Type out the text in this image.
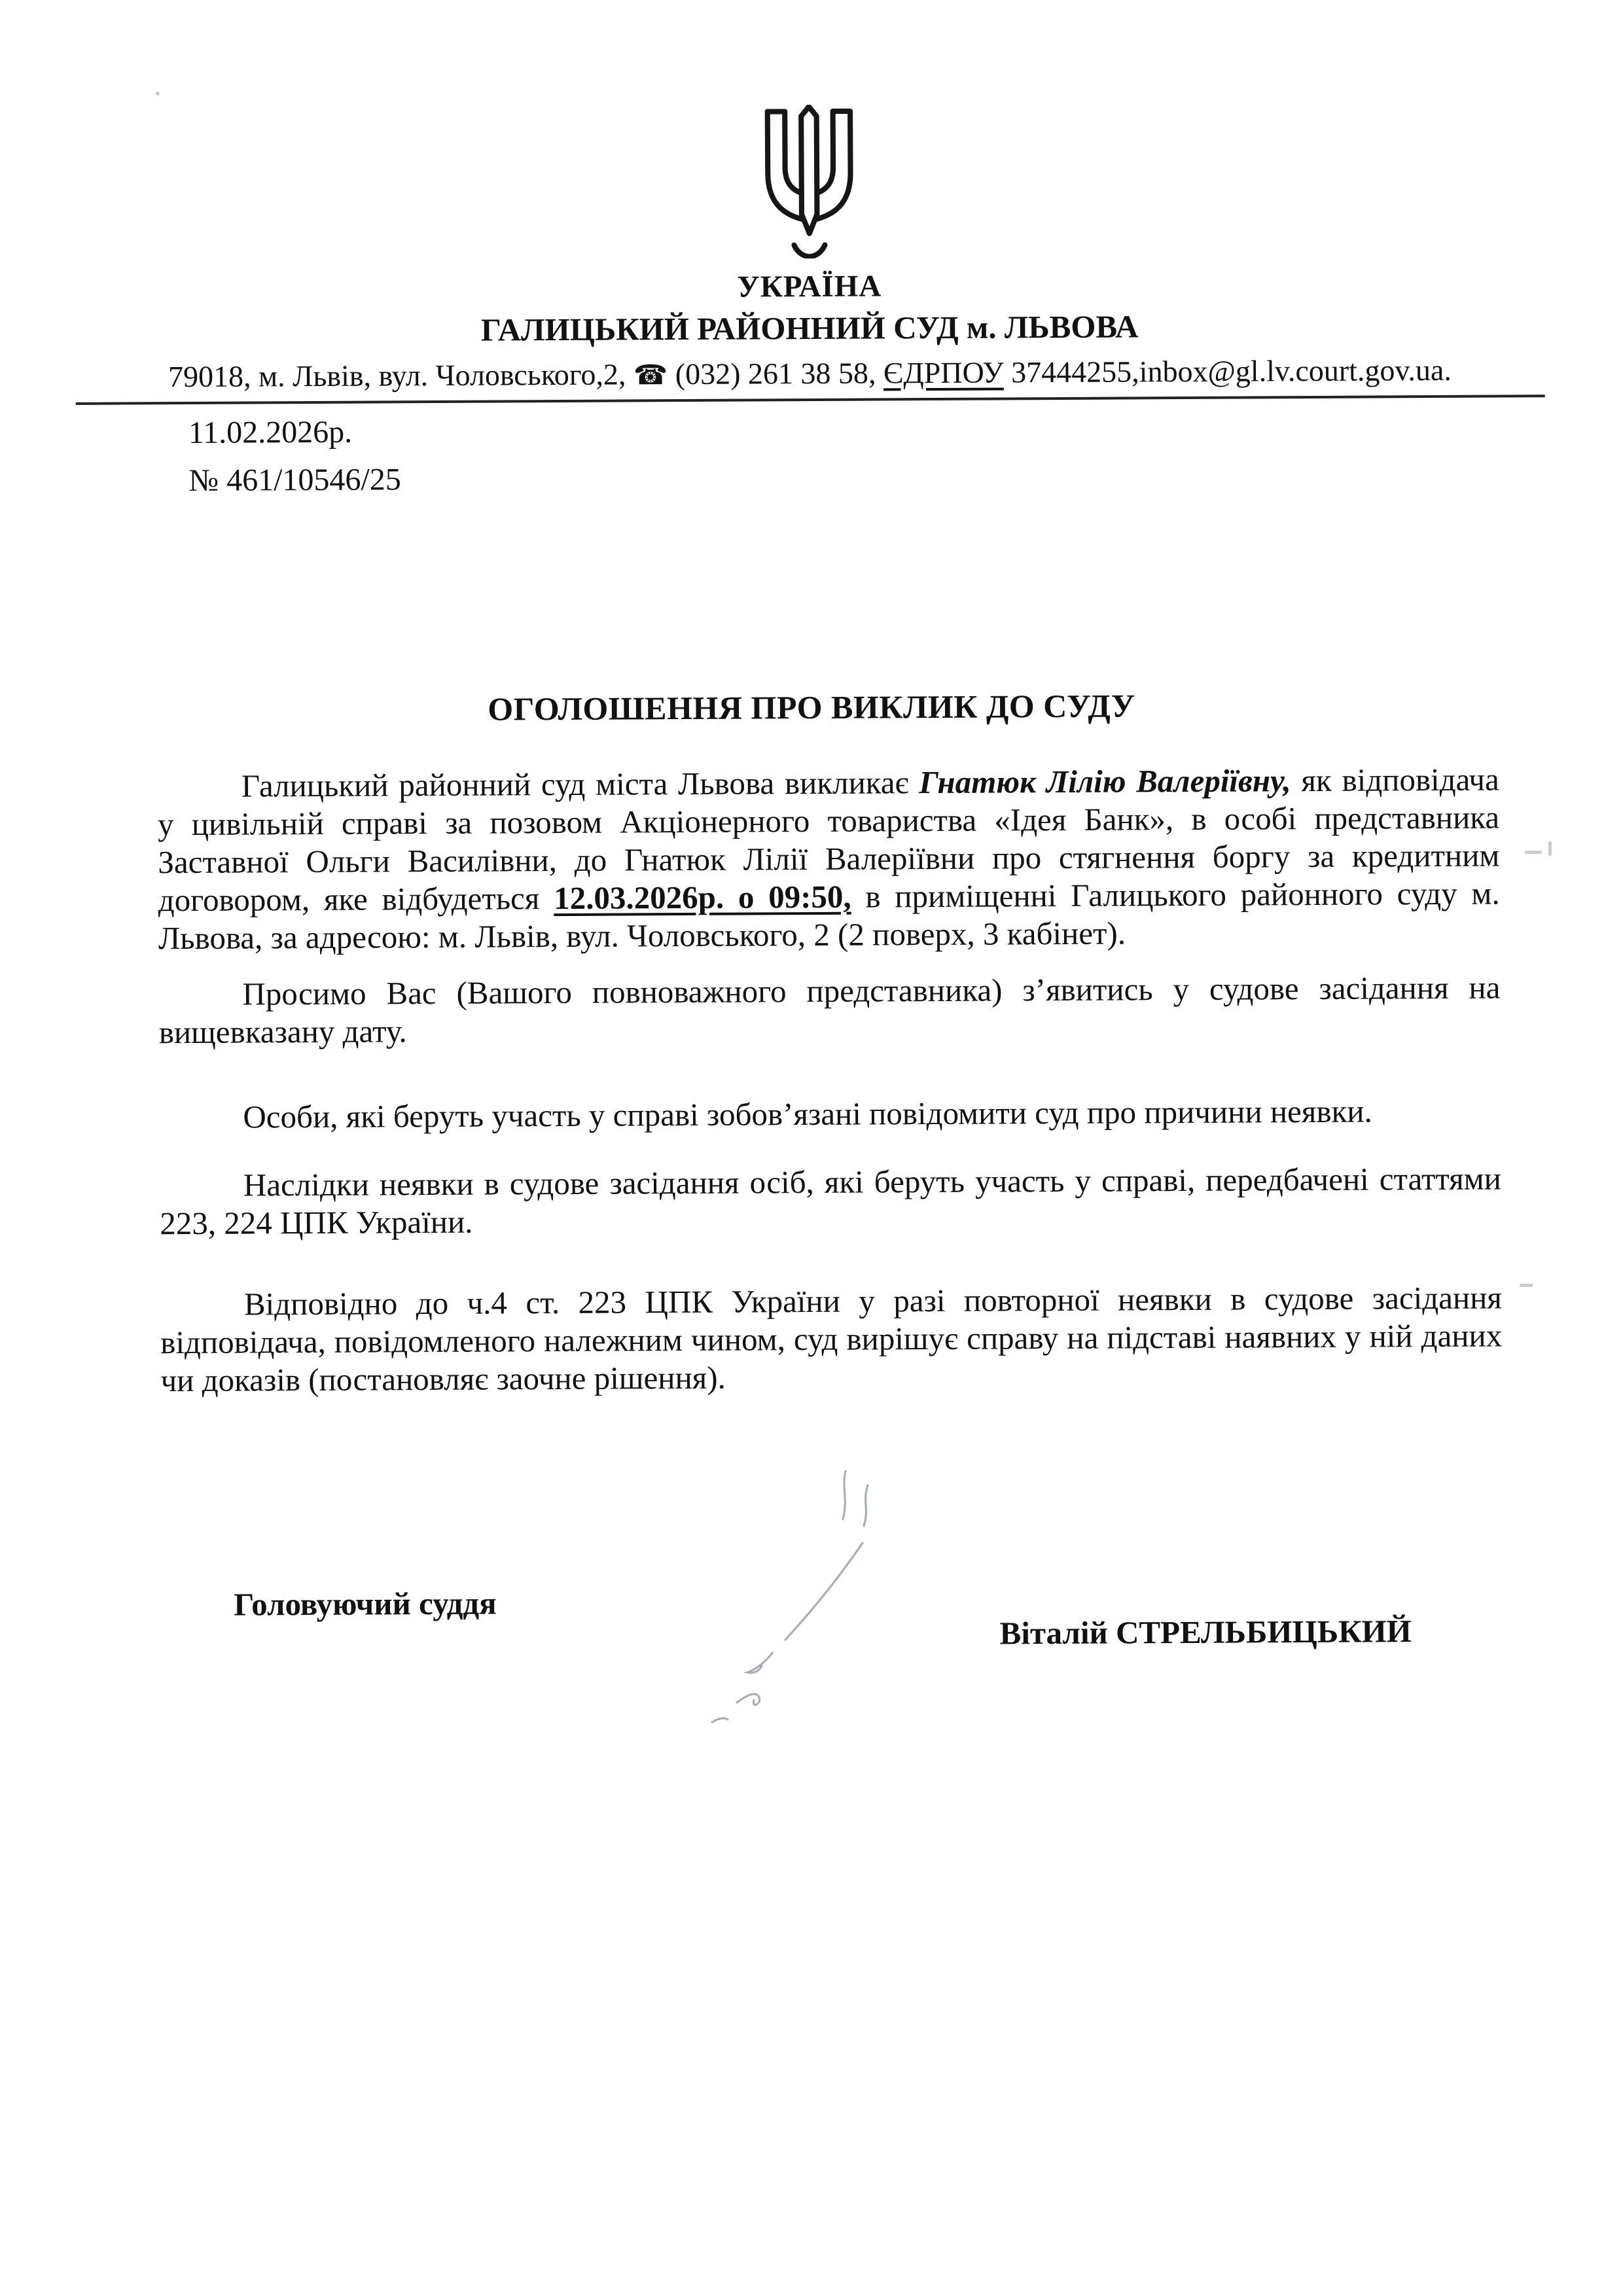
УКРАЇНА
ГАЛИЦЬКИЙ РАЙОННИЙ СУД м. ЛЬВОВА
79018, м. Львів, вул. Чоловського,2, ☎ (032) 261 38 58, ЄДРПОУ 37444255,inbox@gl.lv.court.gov.ua.
11.02.2026р.
№ 461/10546/25
ОГОЛОШЕННЯ ПРО ВИКЛИК ДО СУДУ

Галицький районний суд міста Львова викликає Гнатюк Лілію Валеріївну, як відповідача у цивільній справі за позовом Акціонерного товариства «Ідея Банк», в особі представника Заставної Ольги Василівни, до Гнатюк Лілії Валеріївни про стягнення боргу за кредитним договором, яке відбудеться 12.03.2026р. о 09:50, в приміщенні Галицького районного суду м. Львова, за адресою: м. Львів, вул. Чоловського, 2 (2 поверх, 3 кабінет).

Просимо Вас (Вашого повноважного представника) з’явитись у судове засідання на вищевказану дату.

Особи, які беруть участь у справі зобов’язані повідомити суд про причини неявки.

Наслідки неявки в судове засідання осіб, які беруть участь у справі, передбачені статтями 223, 224 ЦПК України.

Відповідно до ч.4 ст. 223 ЦПК України у разі повторної неявки в судове засідання відповідача, повідомленого належним чином, суд вирішує справу на підставі наявних у ній даних чи доказів (постановляє заочне рішення).

Головуючий суддя
Віталій СТРЕЛЬБИЦЬКИЙ
